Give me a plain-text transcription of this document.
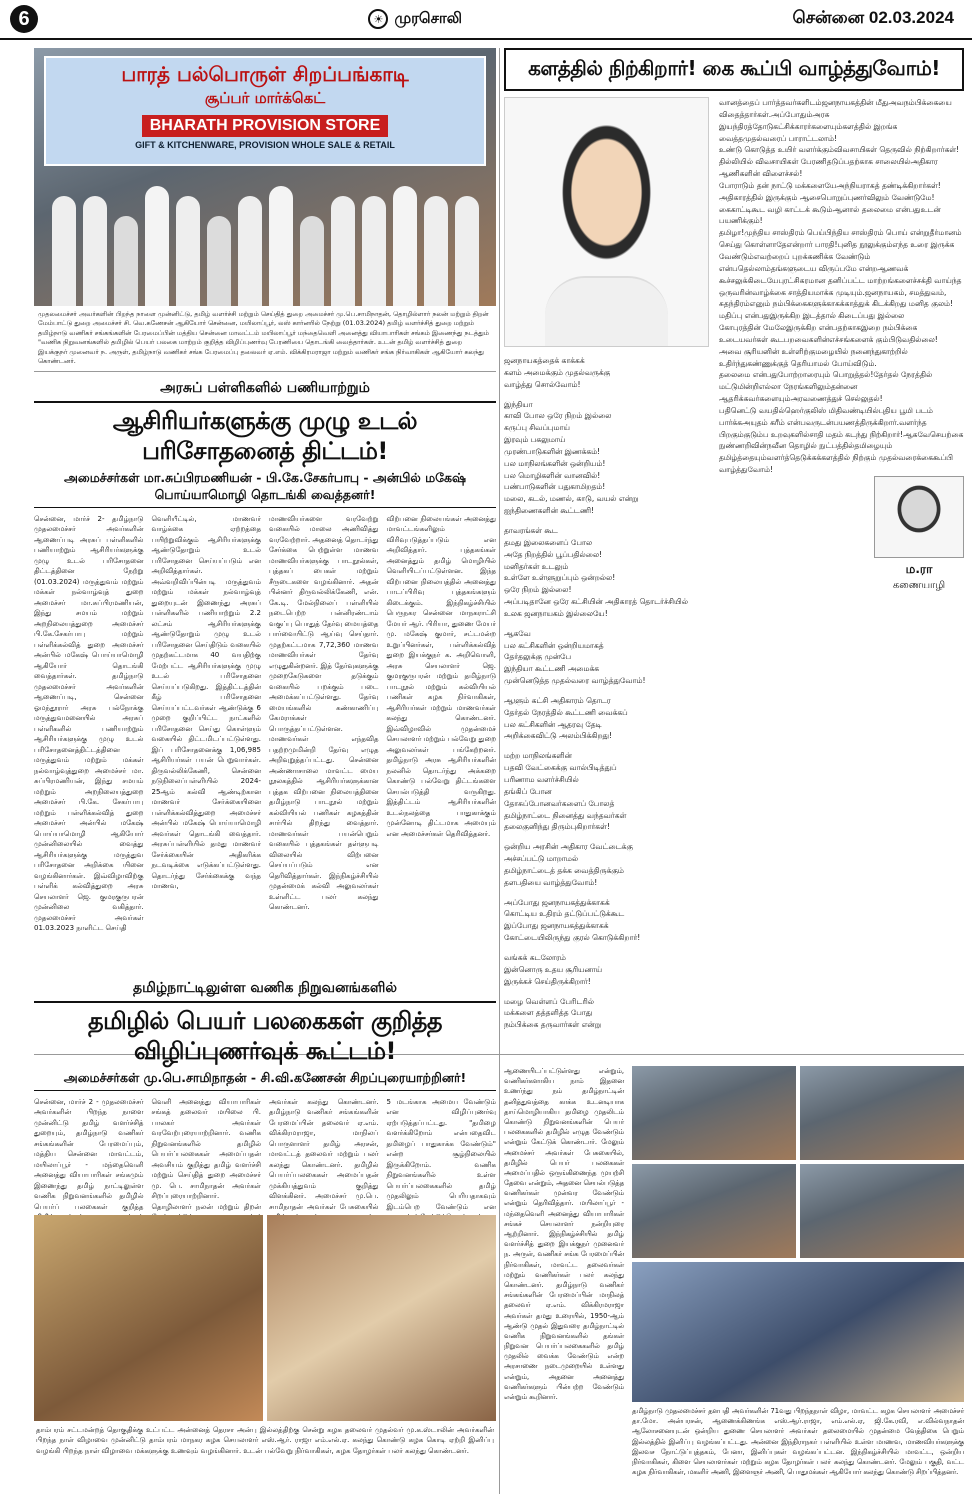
6	☀ முரசொலி	சென்னை 02.03.2024
பாரத் பல்பொருள் சிறப்பங்காடி
சூப்பர் மார்க்கெட்
BHARATH PROVISION STORE
GIFT & KITCHENWARE, PROVISION WHOLE SALE & RETAIL

முதலமைச்சர் அவர்களின் பிறந்த நாளை முன்னிட்டு, தமிழ் வளர்ச்சி மற்றும் செய்தித் துறை அமைச்சர் மு.பெ.சாமிநாதன், தொழில்ளார் நலன் மற்றும் திறன் மேம்பாட்டு துறை அமைச்சர் சி. வெ.கணேசன் ஆகியோர் சென்னை, மயிலாப்பூர், லஸ் கார்னரில் நேற்று (01.03.2024) தமிழ் வளர்ச்சித் துறை மற்றும் தமிழ்நாடு வணிகர் சங்கங்களின் பேரமைப்பின் மத்திய சென்னை மாவட்டம் மயிலாப்பூர் மந்தைவெளி அனைத்து வியாபாரிகள் சங்கம் இணைந்து நடத்தும் "வணிக நிறுவனங்களில் தமிழில் பெயர் பலகை மாற்றம் குறித்த விழிப்புணர்வு பேரணியை தொடங்கி வைத்தார்கள். உடன் தமிழ் வளர்ச்சித் துறை இயக்குநர் முனைவர் ந. அருள், தமிழ்நாடு வணிகர் சங்க பேரமைப்பு தலைவர் ஏ.எம். விக்கிரமராஜா மற்றும் வணிகர் சங்க நிர்வாகிகள் ஆகியோர் கலந்து கொண்டனர்.

அரசுப் பள்ளிகளில் பணியாற்றும்
ஆசிரியர்களுக்கு முழு உடல் பரிசோதனைத் திட்டம்!
அமைச்சர்கள் மா.சுப்பிரமணியன் - பி.கே.சேகர்பாபு - அன்பில் மகேஷ் பொய்யாமொழி தொடங்கி வைத்தனர்!

சென்னை, மார்ச் 2- தமிழ்நாடு முதலமைச்சர் அவர்களின் ஆணைப்படி அரசுப் பள்ளிகளில் பணியாற்றும் ஆசிரியர்களுக்கு முழு உடல் பரிசோதனை திட்டத்தினை நேற்று (01.03.2024) மருத்துவம் மற்றும் மக்கள் நல்வாழ்வுத் துறை அமைச்சர் மா.சுப்பிரமணியன், இந்து சமயம் மற்றும் அறநிலையத்துறை அமைச்சர் பி.கே.சேகர்பாபு மற்றும் பள்ளிக்கல்வித் துறை அமைச்சர் அன்பில் மகேஷ் பொய்யாமொழி ஆகியோர் தொடங்கி வைத்தார்கள். தமிழ்நாடு முதலமைச்சர் அவர்களின் ஆணைப்படி, சென்னை ஓமந்தூரார் அரசு பல்நோக்கு மருத்துவமனையில் அரசுப் பள்ளிகளில் பணியாற்றும் ஆசிரியர்களுக்கு முழு உடல் பரிசோதனைத்திட்டத்தினை மருத்துவம் மற்றும் மக்கள் நல்வாழ்வுத்துறை அமைச்சர் மா. சுப்பிரமணியன், இந்து சமயம் மற்றும் அறநிலையத்துறை அமைச்சர் பி.கே. சேகர்பாபு மற்றும் பள்ளிக்கல்வித் துறை அமைச்சர் அன்பில் மகேஷ் பொய்யாமொழி ஆகியோர் முன்னிலையில் வைத்து ஆசிரியர்களுக்கு மருத்துவ பரிசோதனை அறிக்கை யினை வழங்கினார்கள். இவ்விழாவிற்கு பள்ளிக் கல்வித்துறை அரசு செயலாளர் ஜெ. குமரகுருபரன் முன்னிலை வகித்தார். முதலமைச்சர் அவர்கள் 01.03.2023 நாளிட்ட செய்தி

வெளியீட்டில், மாணவர் வாழ்க்கை ஏற்றத்தை பயிற்றுவிக்கும் ஆசிரியர்களுக்கு ஆண்டுதோறும் உடல் பரிசோதனை செய்யப்படும் என அறிவித்தார்கள். அவ்வறிவிப்பின்படி மருத்துவம் மற்றும் மக்கள் நல்வாழ்வுத் துறையுடன் இணைந்து அரசுப் பள்ளிகளில் பணியாற்றும் 2.2 லட்சம் ஆசிரியர்களுக்கு ஆண்டுதோறும் முழு உடல் பரிசோதனை செய்திடும் வகையில் முதற்கட்டமாக 40 வயதிற்கு மேற்பட்ட ஆசிரியர்களுக்கு முழு உடல் பரிசோதனை செய்யப்படுகிறது. இத்திட்டத்தின் கீழ் பரிசோதனை செய்யப்பட்டவர்கள் ஆண்டுக்கு 6 முறை குறிப்பிட்ட நாட்களில் பரிசோதனை செய்து கொள்ளும் வகையில் திட்டமிடப்பட்டுள்ளது. இப் பரிசோதனைக்கு 1,06,985 ஆசிரியர்கள் பயன் பெறுவார்கள். திருவல்லிக்கேணி, சென்னை நடுநிலைப்பள்ளியில் 2024-25ஆம் கல்வி ஆண்டிற்கான மாணவர் சேர்க்கையினை பள்ளிக்கல்வித்துறை அமைச்சர் அன்பில் மகேஷ் பொய்யாமொழி அவர்கள் தொடங்கி வைத்தார். அரசுப்பள்ளியில் தமது மாணவர் சேர்க்கையின் அதிகரிக்க நடவடிக்கை எடுக்கப்பட்டுள்ளது. தொடர்ந்து சேர்க்கைக்கு வந்த மாணவ,

மாணவியர்களை வரவேற்று வகையில் மாலை அணிவித்து வரவேற்றார். அதனைத் தொடர்ந்து சேர்க்கை பெற்றுள்ள மாணவ மாணவியர்களுக்கு பாடநூல்கள், புத்தகப் பைகள் மற்றும் சீருடைகளை வழங்கினார். அதன் பின்னர் திருவல்லிக்கேணி, என். கே.டி. மேல்நிலைப் பள்ளியில் நடைபெற்ற பன்னிரண்டாம் வகுப்பு பொதுத் தேர்வு மையத்தை பார்வையிட்டு ஆய்வு செய்தார். முதற்கட்டமாக 7,72,360 மாணவ மாணவியர்கள் தேர்வு எழுதுகின்றனர். இத் தேர்வுகளுக்கு முறைகேடுகளை தடுக்கும் வகையில் பறக்கும் படை அமைக்கப்பட்டுள்ளது. தேர்வு மையங்களில் கண்காணிப்பு கேமராக்கள் பொருத்தப்பட்டுள்ளன. மாணவர்கள் எந்தவித பதற்றமுமின்றி தேர்வு எழுத அறிவுறுத்தப்பட்டது. சென்னை அண்ணாசாலை மாவட்ட மைய நூலகத்தில் ஆசிரியர்களுக்கான புத்தக விற்பனை நிலையத்தினை தமிழ்நாடு பாடநூல் மற்றும் கல்வியியல் பணிகள் கழகத்தின் சார்பில் திறந்து வைத்தார். மாணவர்கள் பயன்பெறும் வகையில் புத்தகங்கள் தள்ளுபடி விலையில் விற்பனை செய்யப்படும் என தெரிவித்தார்கள். இந்நிகழ்ச்சியில் முதன்மைக் கல்வி அலுவலர்கள் உள்ளிட்ட பலர் கலந்து கொண்டனர்.

விற்பனை நிலையங்கள் அனைத்து மாவட்டங்களிலும் விரிவுபடுத்தப்படும் என அறிவித்தார். புத்தகங்கள் அனைத்தும் தமிழ் மொழியில் வெளியிடப்பட்டுள்ளன. இந்த விற்பனை நிலையத்தில் அனைத்து பாடப்பிரிவு புத்தகங்களும் கிடைக்கும். இந்நிகழ்ச்சியில் பெருநகர சென்னை மாநகராட்சி மேயர் ஆர். பிரியா, துணை மேயர் மு. மகேஷ் குமார், சட்டமன்ற உறுப்பினர்கள், பள்ளிக்கல்வித் துறை இயக்குநர் க. அறிவொளி, அரசு செயலாளர் ஜெ. குமரகுருபரன் மற்றும் தமிழ்நாடு பாடநூல் மற்றும் கல்வியியல் பணிகள் கழக நிர்வாகிகள், ஆசிரியர்கள் மற்றும் மாணவர்கள் கலந்து கொண்டனர். இவ்விழாவில் முதன்மைச் செயலாளர் மற்றும் பல்வேறு துறை அலுவலர்கள் பங்கேற்றனர். தமிழ்நாடு அரசு ஆசிரியர்களின் நலனில் தொடர்ந்து அக்கறை கொண்டு பல்வேறு திட்டங்களை செயல்படுத்தி வருகிறது. இத்திட்டம் ஆசிரியர்களின் உடல்நலத்தை பாதுகாக்கும் முன்னோடி திட்டமாக அமையும் என அமைச்சர்கள் தெரிவித்தனர்.

தமிழ்நாட்டிலுள்ள வணிக நிறுவனங்களில்
தமிழில் பெயர் பலகைகள் குறித்த விழிப்புணர்வுக் கூட்டம்!
அமைச்சர்கள் மு.பெ.சாமிநாதன் - சி.வி.கணேசன் சிறப்புரையாற்றினர்!

சென்னை, மார்ச் 2 - முதலமைச்சர் அவர்களின் பிறந்த நாளை முன்னிட்டு தமிழ் வளர்ச்சித் துறையும், தமிழ்நாடு வணிகர் சங்கங்களின் பேரமைப்பும், மத்திய சென்னை மாவட்டம், மயிலாப்பூர் - மந்தைவெளி அனைத்து வியாபாரிகள் சங்கமும் இணைந்து தமிழ் நாட்டிலுள்ள வணிக நிறுவனங்களில் தமிழில் பெயர்ப் பலகைகள் குறித்த

வெளி அனைத்து வியாபாரிகள் சங்கத் தலைவர் மயிலை பி. பாலகர் அவர்கள் வரவேற்புரையாற்றினார். வணிக நிறுவனங்களில் தமிழில் பெயர்ப்பலகைகள் அமைப்பதன் அவசியம் குறித்து தமிழ் வளர்ச்சி மற்றும் செய்தித் துறை அமைச்சர் மு. பெ. சாமிநாதன் அவர்கள் சிறப்புரையாற்றினார். தொழிலாளர் நலன் மற்றும் திறன்

அவர்கள் கலந்து கொண்டனர். தமிழ்நாடு வணிகர் சங்கங்களின் பேரமைப்பின் தலைவர் ஏ.எம். விக்கிரமராஜா, மாநிலப் பொருளாளர் தமிழ் அரசன், மாவட்டத் தலைவர் மற்றும் பலர் கலந்து கொண்டனர். தமிழில் பெயர்ப்பலகைகள் அமைப்பதன் முக்கியத்துவம் குறித்து விளக்கினர். அமைச்சர் மு.பெ. சாமிநாதன் அவர்கள் பேசுகையில்

5 மடங்காக அமைய வேண்டும் என விழிப்புணர்வு ஏற்படுத்தப்பட்டது. "தமிழை வளர்க்கிறோம் என்பதைவிட தமிழைப் பாதுகாக்க வேண்டும்" என்ற சூழ்நிலையில் இருக்கிறோம். வணிக நிறுவனங்களில் உள்ள பெயர்ப்பலகைகளில் தமிழ் முதலிலும் பெரியதாகவும் இடம்பெற வேண்டும் என

தாம்பரம் சட்டமன்றத் தொகுதிக்கு உட்பட்ட அன்னைத் தெரசா அன்பு இல்லத்திற்கு சென்று கழக தலைவர் முதல்வர் மு.க.ஸ்டாலின் அவர்களின் பிறந்த நாள் விழாவை முன்னிட்டு தாம்பரம் மாநகர கழக செயலாளர் எஸ்.ஆர். ராஜா எம்.எல்.ஏ. கலந்து கொண்டு கழக கொடி ஏற்றி இனிப்பு வழங்கி பிறந்த நாள் விழாவை மக்களுக்கு உணவும் வழங்கினார். உடன் பல்வேறு நிர்வாகிகள், கழக தோழர்கள் பலர் கலந்து கொண்டனர்.

களத்தில் நிற்கிறார்! கை கூப்பி வாழ்த்துவோம்!
ஜனநாயகத்தைக் காக்கக்
களம் அமைக்கும் முதல்வருக்கு
வாழ்த்து சொல்வோம்!
இந்தியா
காவி போல ஒரே நிறம் இல்லை
கருப்பு சிவப்புமாய்
இரவும் பகலுமாய்
முரண்பாடுகளின் இணக்கம்!
பல மாநிலங்களின் ஒன்றியம்!
பல மொழிகளின் வானவில்!
பண்பாடுகளின் பதுகாமிறதம்!
மலை, கடல், மணல், காடு, வயல் என்று
ஐந்திணைகளின் கூட்டணி!
தாவரங்கள் கூட
தமது இலைகளைப் போல
அதே நிறத்தில் பூப்பதில்லை!
மனிதர்கள் உடலும்
உள்ளே உள்ளுறுப்பும் ஒன்றல்ல!
ஒரே நிறம் இல்லை!
அப்படிதானே ஒரே கட்சியின் அதிகாரத் தொடர்ச்சியில்
உலக ஜனநாயகம் இல்லையே!
ஆகவே
பல கட்சிகளின் ஒன்றியமாகத்
தேர்தலுக்கு முன்பே
இந்தியா கூட்டணி அமைக்க
முன்னெடுத்த முதல்வரை வாழ்த்துவோம்!
ஆளும் கட்சி அதிகாரம் தொடர
தேர்தல் நேரத்தில் கூட்டணி வைக்கப்
பல கட்சிகளின் ஆதரவு தேடி
அறிக்கைவிட்டு அலம்பிக்கிறது!
மற்ற மாநிலங்களின்
பதவி வேட்கைக்கு வால்பிடித்துப்
பரிணாம வளர்ச்சியில்
தங்கிப் போன
தோசுப்போனவர்களைப் போலத்
தமிழ்நாட்டை நினைத்து வந்தவர்கள்
தலைகுனிந்து திரும்புகிறார்கள்!
ஒன்றிய அரசின் அதிகார வேட்டைக்கு
அச்சப்பட்டு மாறாமல்
தமிழ்நாட்டைத் தக்க வைத்திருக்கும்
தளபதியை வாழ்த்துவோம்!
அப்போது ஜனநாயகத்துக்காகக்
கொட்டிய உதிரம் தட்டுப்பட்டுக்கூட
இப்போது ஜனநாயகத்துக்காகக்
கோட்டையிலிருந்து குரல் கொடுக்கிறார்!
வங்கக் கடலோரம்
இன்னொரு உதய சூரியனாய்
இருக்கச் செய்திருக்கிறார்!
மழை வெள்ளப் பேரிடரில்
மக்களை தத்தளித்த போது
நம்பிக்கை தருவார்கள் என்று
வானத்தைப் பார்த்தவர்களிடம்ஜனநாயகத்தின் மீதுஅவநம்பிக்கையை விதைத்தார்கள்.அப்போதும்அரசு இயந்திரத்தோடுகட்சிக்காரர்களையும்களத்தில் இறங்க வைத்தமுதல்வரைப் பாராட்டலாம்!
உண்டு கொடுத்த உயிர் வளர்க்கும்விவசாயிகள் தெருவில் நிற்கிறார்கள்!
தில்லியில் விவசாயிகள் பேரணிதடுப்பதற்காக சாலையில்அதிகார ஆணிகளின் விளைச்சல்!
போராடும் தன் நாட்டு மக்களையேஅந்நியராகத் தண்டிக்கிறார்கள்!
அதிகாரத்தில் இருக்கும் ஆசைபொறுப்புணர்விலும் வேண்டுமே!
கைகாட்டிகூட வழி காட்டக் கூடும்ஆனால் தலைமை என்பதுஉடன் பயணிக்கும்!
தமிழா!முந்திய சாஸ்திரம் பெய்பிந்திய சாஸ்திரம் பொய் என்றுதீர்மானம் செய்து கொள்ளாதேஎன்றார் பாரதி!புனித நூலுக்கும்எந்த உரை இருக்க வேண்டும்எவற்றைப் புறக்கணிக்க வேண்டும்
என்பதெல்லாம்தங்களுடைய விருப்பமே என்றஆணவக் கூச்சலுக்கிடையேபுரட்சிகரமான தனிப்பட்ட மாற்றங்களைச்சக்தி வாய்ந்த ஒருவரின்வாழ்க்கை சாத்தியமாக்க முடியும்.ஜனநாயகம், சமத்துவம், சுதந்திரம்எனும் நம்பிக்கைகளுக்காகக்காத்துக் கிடக்கிறது மனித குலம்!மதிப்பு என்பதுஇருக்கிற இடத்தால் கிடைப்பது இல்லை
கோபுரத்தின் மேலேஇருக்கிற என்பதற்காகஇறை நம்பிக்கை உடையவர்கள் கூடபறவைகளின்எச்சங்களைக் கும்பிடுவதில்லை!
அவை சூரியனின் உள்ளிற்குமழையில் நனைந்துகாற்றில் உதிர்ந்துகண்ணுக்குத் தெரியாமல் போய்விடும்.
தலைமை என்பதுபோற்றாரையும் பொறுத்தல்!தேர்தல் நேரத்தில் மட்டுமின்றிஎல்லா நேரங்களிலும்தன்னை ஆதரிக்கவர்களையும்அரவணைத்துச் செல்லுதல்!
பதினெட்டு வயதில்ஹெர்குலிஸ் மிதிவண்டியில்புதிய பூமி படம் பார்க்கஅயுதம் கரீம் என்பவருடன்பயணத்திருக்கிறார்.வளர்ந்த பிறகும்குடும்ப உறவுகளில்சாதி மதம் கடந்து நிற்கிறார்!ஆகவேசெயற்கை நுண்ணறிவின்நவீன தொழில் நுட்பத்தில்தமிழையும் தமிழ்த்தையும்வளர்த்தெடுக்கக்களத்தில் நிற்கும் முதல்வரைக்கைகூப்பி வாழ்த்துவோம்!
ம.ரா
கணையாழி

ஆணையிடப்பட்டுள்ளது என்றும், வணிகர்களாகிய நாம் இதனை உணர்ந்து நம் தமிழ்நாட்டின் தனித்துவத்தை காக்க உடனடியாக தாய்மொழியாகிய தமிழை முதலிடம் கொண்டு நிறுவனங்களின் பெயர் பலகைகளில் தமிழில் எழுத வேண்டும் என்றும் கேட்டுக் கொண்டார். மேலும் அமைச்சர் அவர்கள் பேசுகையில், தமிழில் பெயர் பலகைகள் அமைப்பதில் ஒருங்கிணைந்த முயற்சி தேவை என்றும், அதனை செயல்படுத்த வணிகர்கள் முன்வர வேண்டும் என்றும் தெரிவித்தார். மயிலாப்பூர் - மந்தைவெளி அனைத்து வியாபாரிகள் சங்கச் செயலாளர் நன்றியுரை ஆற்றினார். இந்நிகழ்ச்சியில் தமிழ் வளர்ச்சித் துறை இயக்குநர் முனைவர் ந. அருள், வணிகர் சங்க பேரமைப்பின் நிர்வாகிகள், மாவட்ட தலைவர்கள் மற்றும் வணிகர்கள் பலர் கலந்து கொண்டனர். தமிழ்நாடு வணிகர் சங்கங்களின் பேரமைப்பின் மாநிலத் தலைவர் ஏ.எம். விக்கிரமராஜா அவர்கள் தமது உரையில், 1950-ஆம் ஆண்டு முதல் இதுவரை தமிழ்நாட்டில் வணிக நிறுவனங்களில் தங்கள் நிறுவன பெயர்ப்பலகைகளில் தமிழ் முதலில் வைக்க வேண்டும் என்ற அரசாணை நடைமுறையில் உள்ளது என்றும், அதனை அனைத்து வணிகர்களும் பின்பற்ற வேண்டும் என்றும் கூறினார்.

தமிழ்நாடு முதலமைச்சர் தளபதி அவர்களின் 71வது பிறந்தநாள் விழா, மாவட்ட கழக செயலாளர் அமைச்சர் தா.மோ. அன்பரசன், ஆணைக்கிணங்க எஸ்.ஆர்.ராஜா, எம்.எல்.ஏ, ஜி.கே.ரவி, எ.வில்வநாதன் ஆலோசனையுடன் ஒன்றிய துணை செயலாளர் அவர்கள் தலைமையில் முதன்மை வேத்திகை பெறும் இல்லத்தில் இனிப்பு வழங்கப்பட்டது. அன்னை இந்திராநகர் பள்ளியில் உள்ள மாணவ, மாணவியர்களுக்கு இலவச நோட்டுப்புத்தகம், பேனா, இனிப்புகள் வழங்கப்பட்டன. இந்நிகழ்ச்சியில் மாவட்ட, ஒன்றிய நிர்வாகிகள், கிளை செயலாளர்கள் மற்றும் கழக தோழர்கள் பலர் கலந்து கொண்டனர். மேலும் பகுதி, வட்ட கழக நிர்வாகிகள், மகளிர் அணி, இளைஞர் அணி, பொதுமக்கள் ஆகியோர் கலந்து கொண்டு சிறப்பித்தனர்.
